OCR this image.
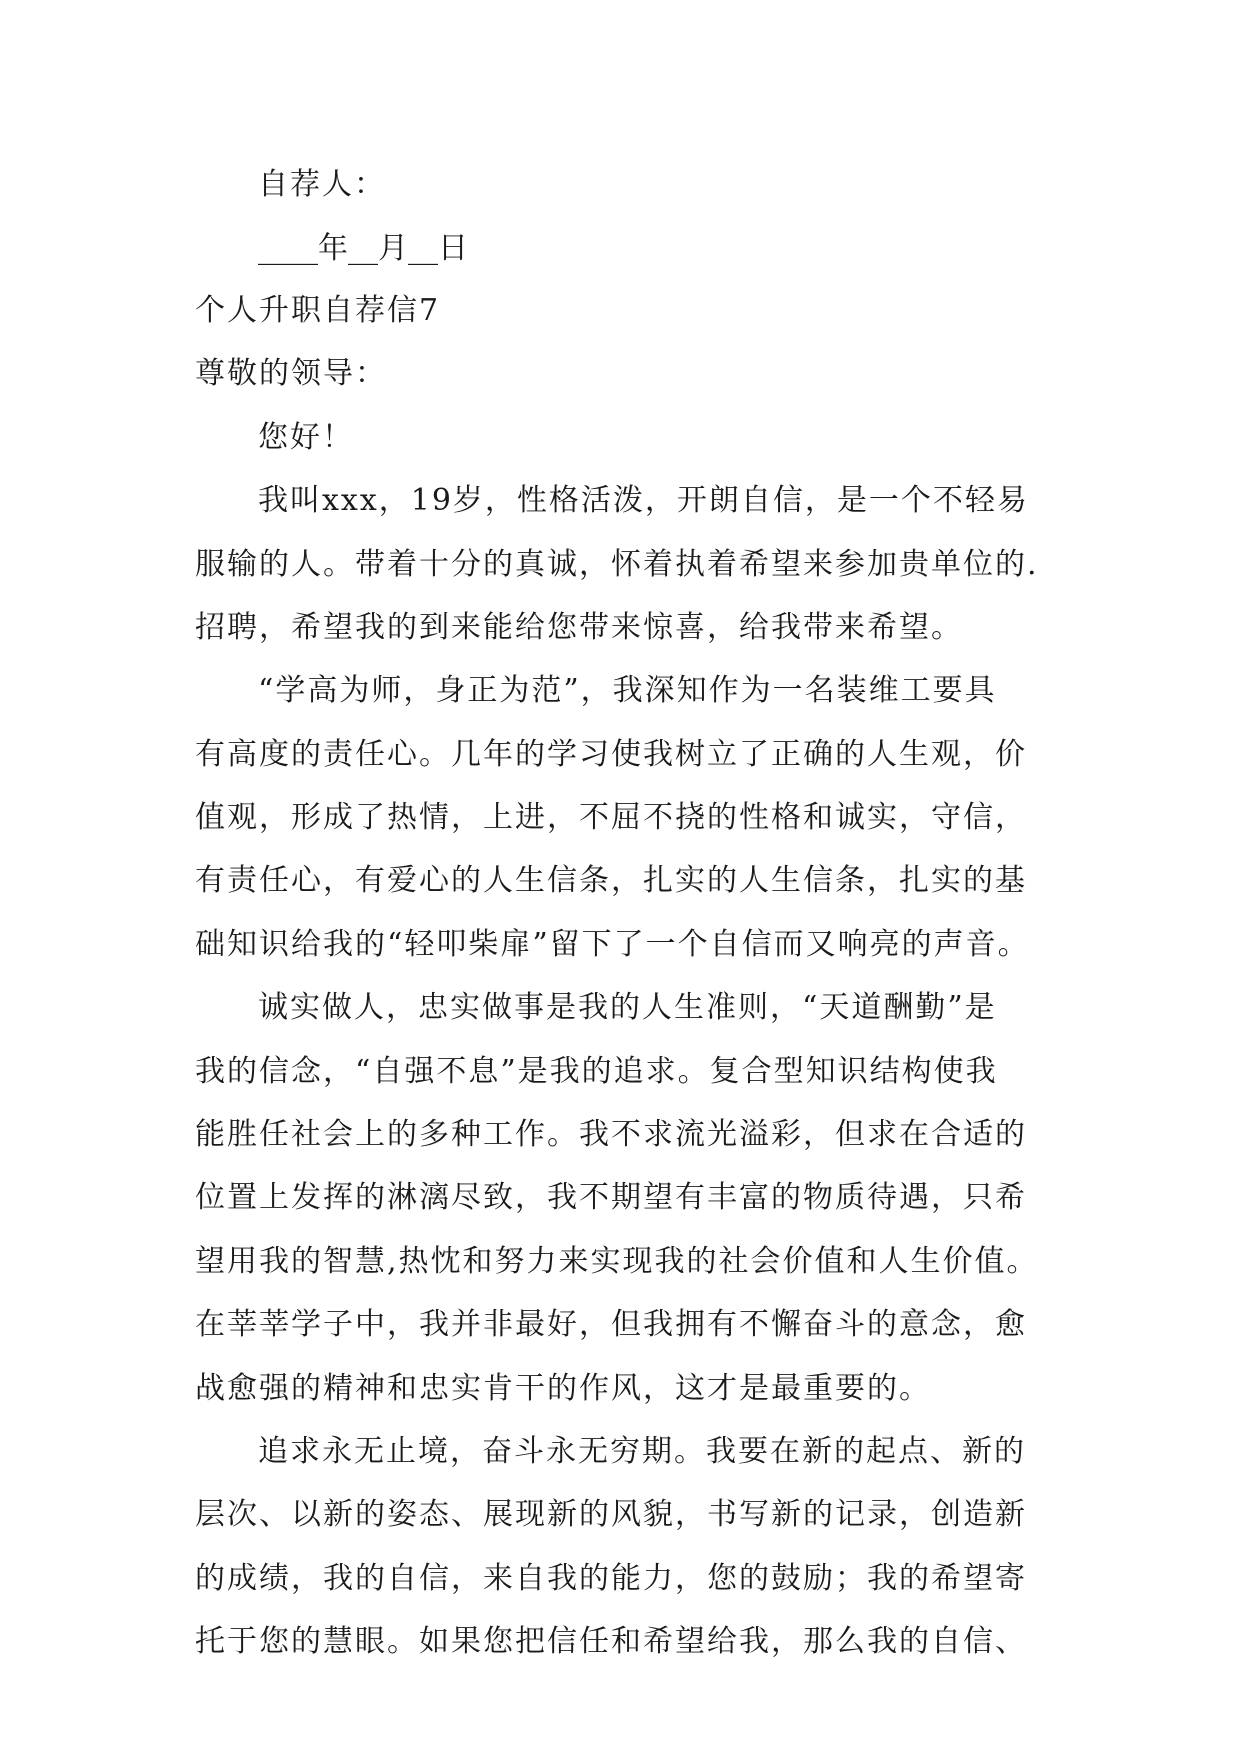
自荐人：
____年__月__日
个人升职自荐信7
尊敬的领导：
您好！
我叫xxx，19岁，性格活泼，开朗自信，是一个不轻易
服输的人。带着十分的真诚，怀着执着希望来参加贵单位的.
招聘，希望我的到来能给您带来惊喜，给我带来希望。
“学高为师，身正为范”，我深知作为一名装维工要具
有高度的责任心。几年的学习使我树立了正确的人生观，价
值观，形成了热情，上进，不屈不挠的性格和诚实，守信，
有责任心，有爱心的人生信条，扎实的人生信条，扎实的基
础知识给我的“轻叩柴扉”留下了一个自信而又响亮的声音。
诚实做人，忠实做事是我的人生准则，“天道酬勤”是
我的信念，“自强不息”是我的追求。复合型知识结构使我
能胜任社会上的多种工作。我不求流光溢彩，但求在合适的
位置上发挥的淋漓尽致，我不期望有丰富的物质待遇，只希
望用我的智慧,热忱和努力来实现我的社会价值和人生价值。
在莘莘学子中，我并非最好，但我拥有不懈奋斗的意念，愈
战愈强的精神和忠实肯干的作风，这才是最重要的。
追求永无止境，奋斗永无穷期。我要在新的起点、新的
层次、以新的姿态、展现新的风貌，书写新的记录，创造新
的成绩，我的自信，来自我的能力，您的鼓励；我的希望寄
托于您的慧眼。如果您把信任和希望给我，那么我的自信、
